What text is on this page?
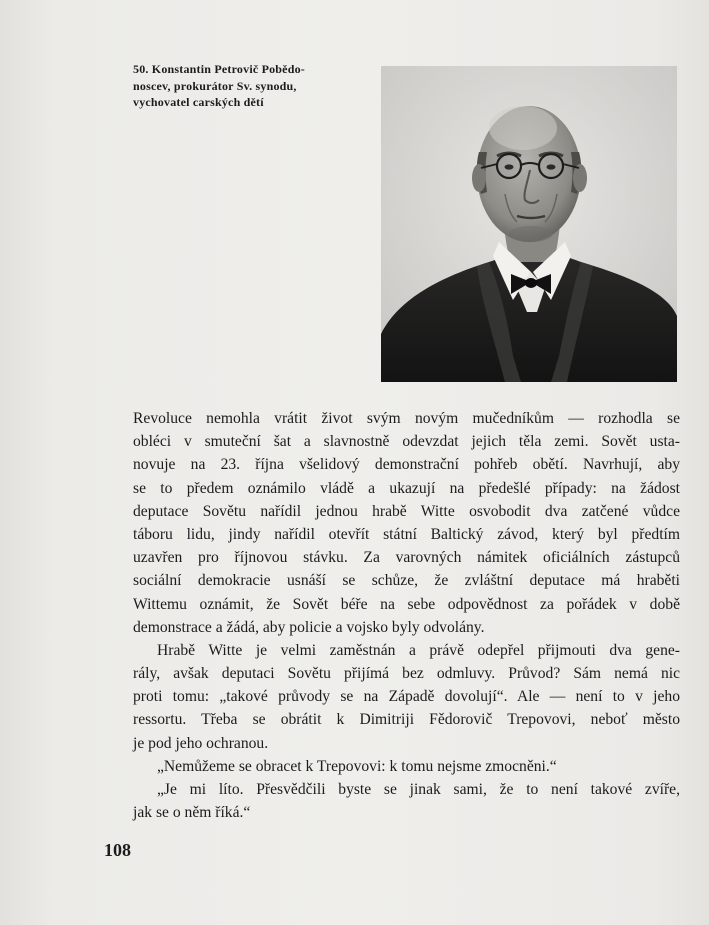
50. Konstantin Petrovič Pobědo-
noscev, prokurátor Sv. synodu,
vychovatel carských dětí
Revoluce nemohla vrátit život svým novým mučedníkům — rozhodla se
obléci v smuteční šat a slavnostně odevzdat jejich těla zemi. Sovět usta-
novuje na 23. října všelidový demonstrační pohřeb obětí. Navrhují, aby
se to předem oznámilo vládě a ukazují na předešlé případy: na žádost
deputace Sovětu nařídil jednou hrabě Witte osvobodit dva zatčené vůdce
táboru lidu, jindy nařídil otevřít státní Baltický závod, který byl předtím
uzavřen pro říjnovou stávku. Za varovných námitek oficiálních zástupců
sociální demokracie usnáší se schůze, že zvláštní deputace má hraběti
Wittemu oznámit, že Sovět béře na sebe odpovědnost za pořádek v době
demonstrace a žádá, aby policie a vojsko byly odvolány.
Hrabě Witte je velmi zaměstnán a právě odepřel přijmouti dva gene-
rály, avšak deputaci Sovětu přijímá bez odmluvy. Průvod? Sám nemá nic
proti tomu: „takové průvody se na Západě dovolují“. Ale — není to v jeho
ressortu. Třeba se obrátit k Dimitriji Fědorovič Trepovovi, neboť město
je pod jeho ochranou.
„Nemůžeme se obracet k Trepovovi: k tomu nejsme zmocněni.“
„Je mi líto. Přesvědčili byste se jinak sami, že to není takové zvíře,
jak se o něm říká.“
108
